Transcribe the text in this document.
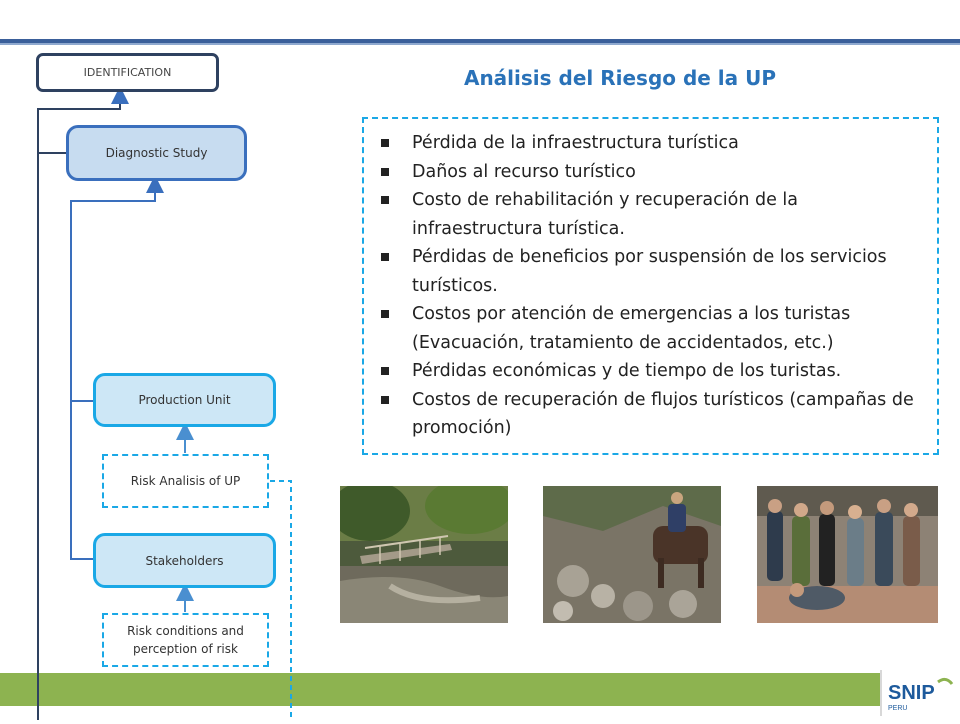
IDENTIFICATION
Diagnostic Study
Production Unit
Risk Analisis of UP
Stakeholders
Risk conditions and perception of risk
Análisis del Riesgo de la UP
Pérdida de la infraestructura turística
Daños al recurso turístico
Costo de rehabilitación y recuperación de la infraestructura turística.
Pérdidas de beneficios por suspensión de los servicios turísticos.
Costos por atención de emergencias a los turistas (Evacuación, tratamiento de accidentados, etc.)
Pérdidas económicas y de tiempo de los turistas.
Costos de recuperación de flujos turísticos (campañas de promoción)
SNIP
PERU
